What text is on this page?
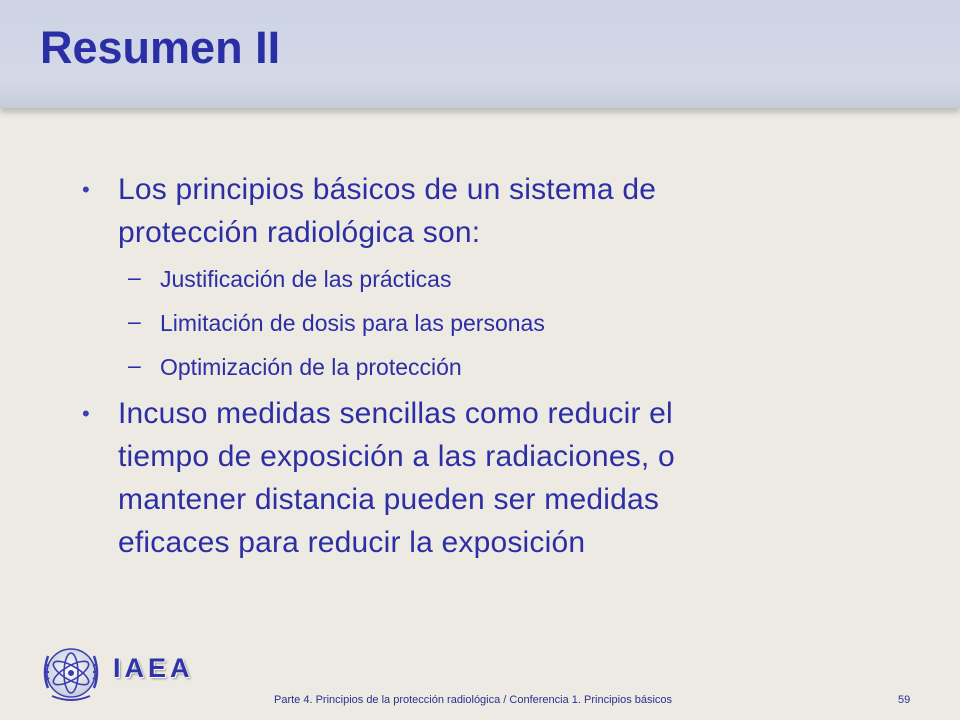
Resumen II
• Los principios básicos de un sistema de
protección radiológica son:
– Justificación de las prácticas
– Limitación de dosis para las personas
– Optimización de la protección
• Incuso medidas sencillas como reducir el
tiempo de exposición a las radiaciones, o
mantener distancia pueden ser medidas
eficaces para reducir la exposición
IAEA
Parte 4. Principios de la protección radiológica / Conferencia 1. Principios básicos	59
